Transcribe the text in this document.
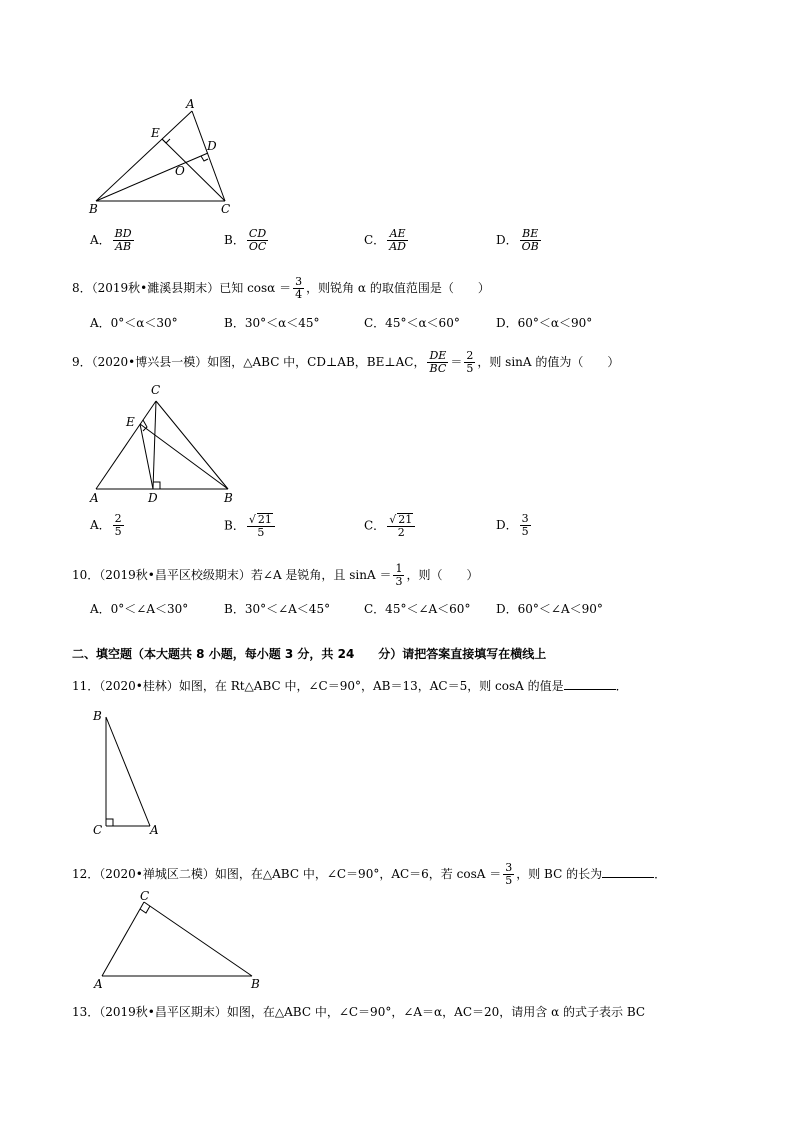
A
E
D
O
B	C
A． $\frac{BD}{AB}$	B． $\frac{CD}{OC}$	C． $\frac{AE}{AD}$	D． $\frac{BE}{OB}$
8．（2019秋•濉溪县期末）已知 $\cos\alpha = \frac{3}{4}$ ，则锐角 α 的取值范围是（　　）
A．0°＜α＜30°	B．30°＜α＜45°	C．45°＜α＜60°	D．60°＜α＜90°
9．（2020•博兴县一模）如图，△ABC 中，CD⊥AB，BE⊥AC， $\frac{DE}{BC} = \frac{2}{5}$ ，则 sinA 的值为（　　）
C
E
A	D	B
A． $\frac{2}{5}$	B． $\frac{√ 21}{5}$	C． $\frac{√ 21}{2}$	D． $\frac{3}{5}$
10．（2019秋•昌平区校级期末）若∠A 是锐角，且 $\sin A = \frac{1}{3}$ ，则（　　）
A．0°＜∠A＜30°	B．30°＜∠A＜45°	C．45°＜∠A＜60° D．60°＜∠A＜90°
二、填空题（本大题共 8 小题，每小题 3 分，共 24　　分）请把答案直接填写在横线上
11．（2020•桂林）如图，在 Rt△ABC 中，∠C＝90°，AB＝13，AC＝5，则 cosA 的值是	．
B
C	A
12．（2020•禅城区二模）如图，在△ABC 中，∠C＝90°，AC＝6，若 $\cos A = \frac{3}{5}$ ，则 BC 的长为	．
C
A	B
13．（2019秋•昌平区期末）如图，在△ABC 中，∠C＝90°，∠A＝α，AC＝20，请用含 α 的式子表示 BC
